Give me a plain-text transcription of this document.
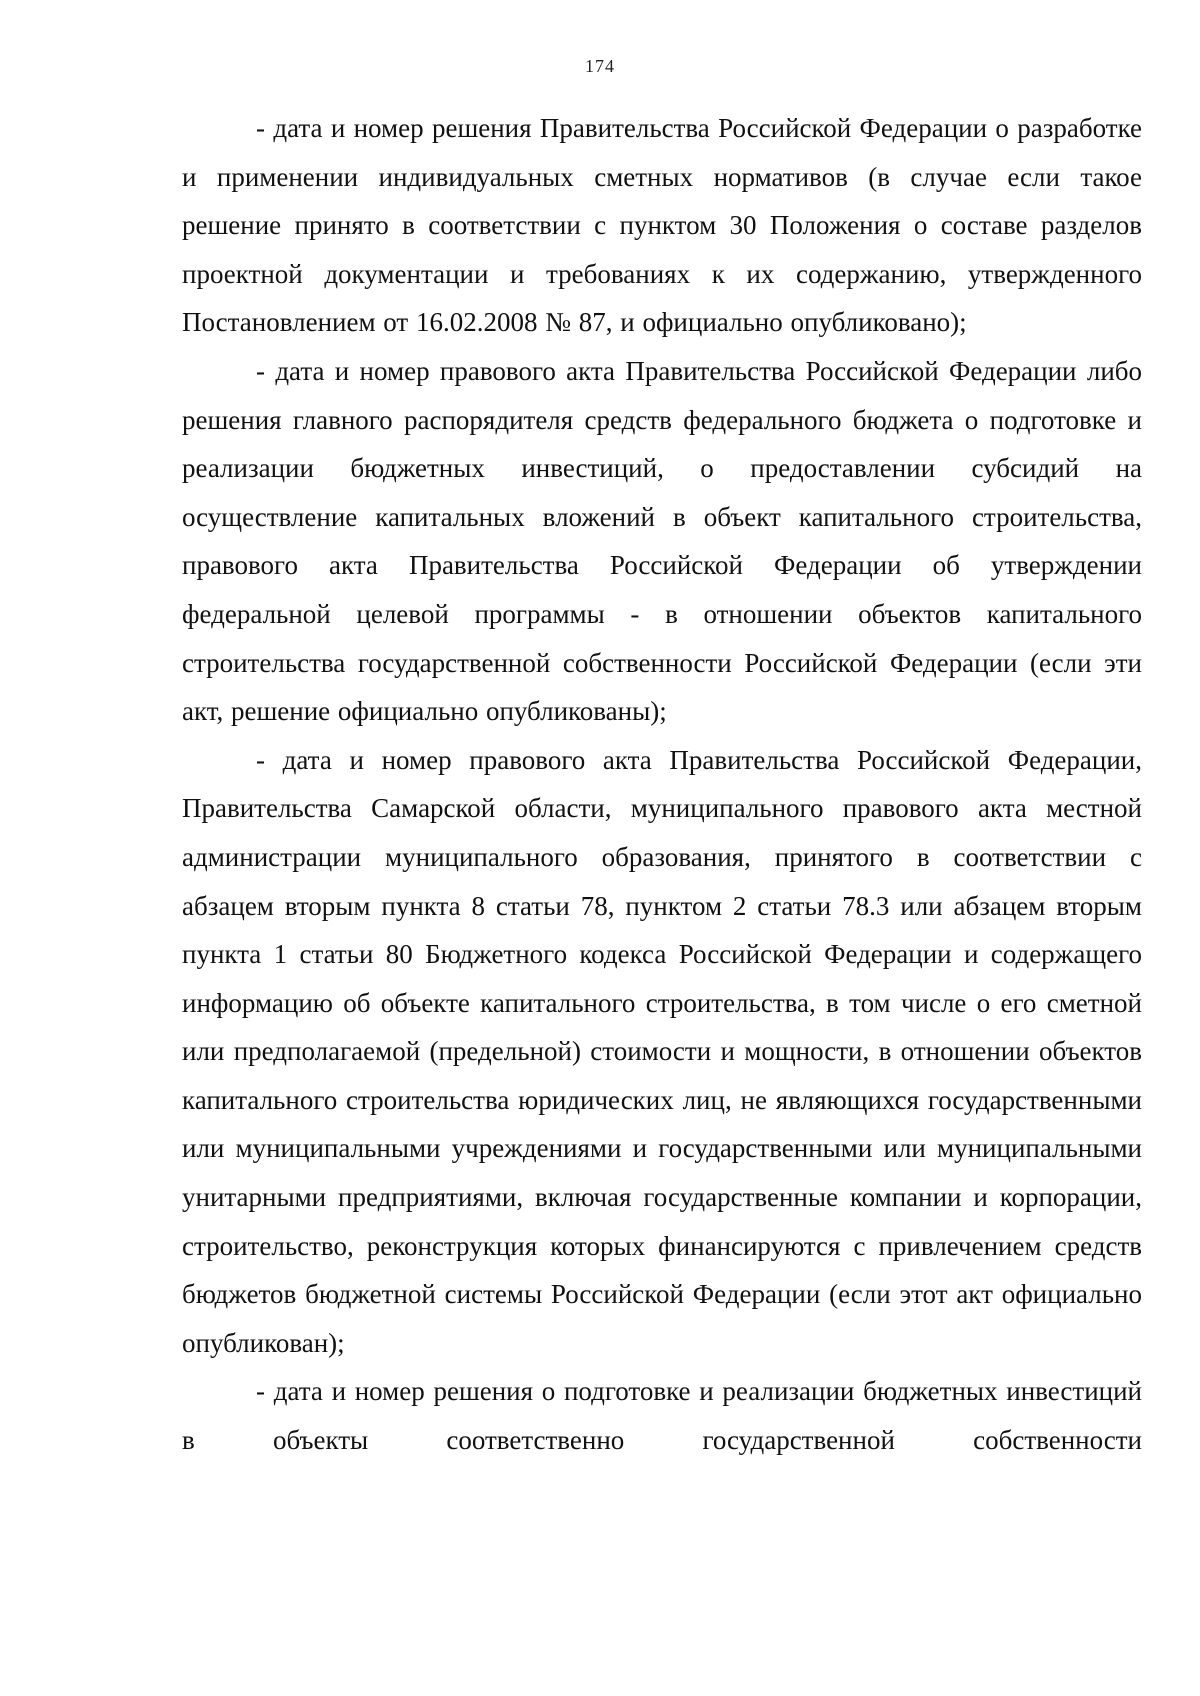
174

- дата и номер решения Правительства Российской Федерации о разработке и применении индивидуальных сметных нормативов (в случае если такое решение принято в соответствии с пунктом 30 Положения о составе разделов проектной документации и требованиях к их содержанию, утвержденного Постановлением от 16.02.2008 № 87, и официально опубликовано);

- дата и номер правового акта Правительства Российской Федерации либо решения главного распорядителя средств федерального бюджета о подготовке и реализации бюджетных инвестиций, о предоставлении субсидий на осуществление капитальных вложений в объект капитального строительства, правового акта Правительства Российской Федерации об утверждении федеральной целевой программы - в отношении объектов капитального строительства государственной собственности Российской Федерации (если эти акт, решение официально опубликованы);

- дата и номер правового акта Правительства Российской Федерации, Правительства Самарской области, муниципального правового акта местной администрации муниципального образования, принятого в соответствии с абзацем вторым пункта 8 статьи 78, пунктом 2 статьи 78.3 или абзацем вторым пункта 1 статьи 80 Бюджетного кодекса Российской Федерации и содержащего информацию об объекте капитального строительства, в том числе о его сметной или предполагаемой (предельной) стоимости и мощности, в отношении объектов капитального строительства юридических лиц, не являющихся государственными или муниципальными учреждениями и государственными или муниципальными унитарными предприятиями, включая государственные компании и корпорации, строительство, реконструкция которых финансируются с привлечением средств бюджетов бюджетной системы Российской Федерации (если этот акт официально опубликован);

- дата и номер решения о подготовке и реализации бюджетных инвестиций в объекты соответственно государственной собственности
